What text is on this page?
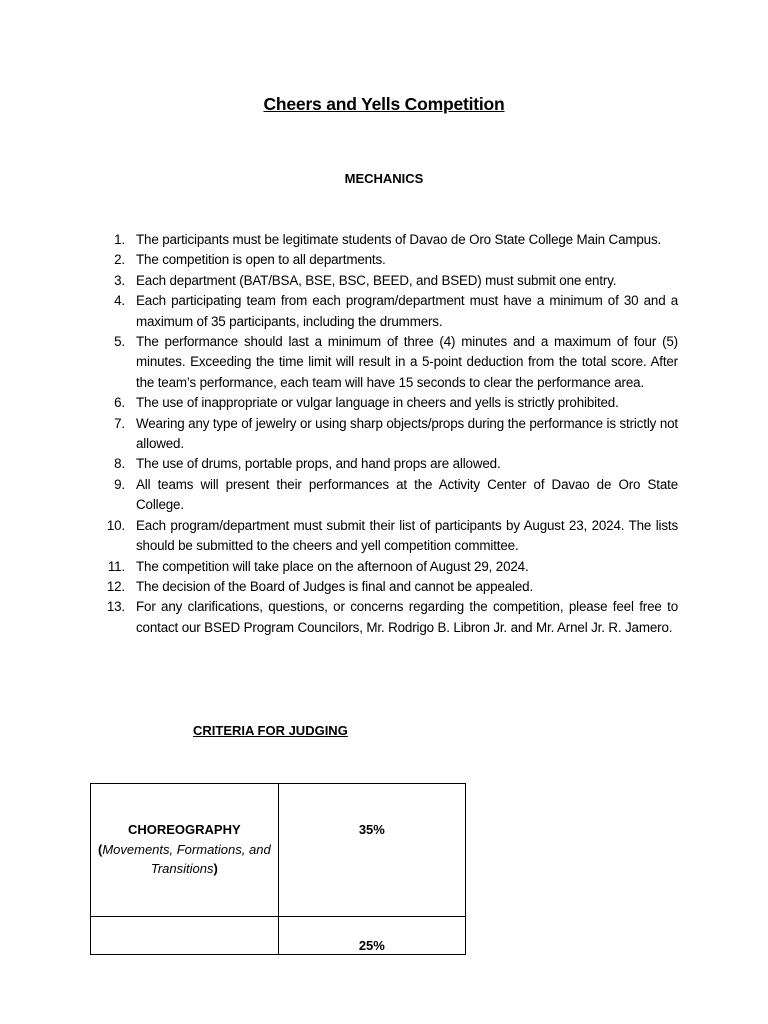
Cheers and Yells Competition
MECHANICS
1. The participants must be legitimate students of Davao de Oro State College Main Campus.
2. The competition is open to all departments.
3. Each department (BAT/BSA, BSE, BSC, BEED, and BSED) must submit one entry.
4. Each participating team from each program/department must have a minimum of 30 and a maximum of 35 participants, including the drummers.
5. The performance should last a minimum of three (4) minutes and a maximum of four (5) minutes. Exceeding the time limit will result in a 5-point deduction from the total score. After the team’s performance, each team will have 15 seconds to clear the performance area.
6. The use of inappropriate or vulgar language in cheers and yells is strictly prohibited.
7. Wearing any type of jewelry or using sharp objects/props during the performance is strictly not allowed.
8. The use of drums, portable props, and hand props are allowed.
9. All teams will present their performances at the Activity Center of Davao de Oro State College.
10. Each program/department must submit their list of participants by August 23, 2024. The lists should be submitted to the cheers and yell competition committee.
11. The competition will take place on the afternoon of August 29, 2024.
12. The decision of the Board of Judges is final and cannot be appealed.
13. For any clarifications, questions, or concerns regarding the competition, please feel free to contact our BSED Program Councilors, Mr. Rodrigo B. Libron Jr. and Mr. Arnel Jr. R. Jamero.
CRITERIA FOR JUDGING
CHOREOGRAPHY
(Movements, Formations, and Transitions)	35%

	25%
